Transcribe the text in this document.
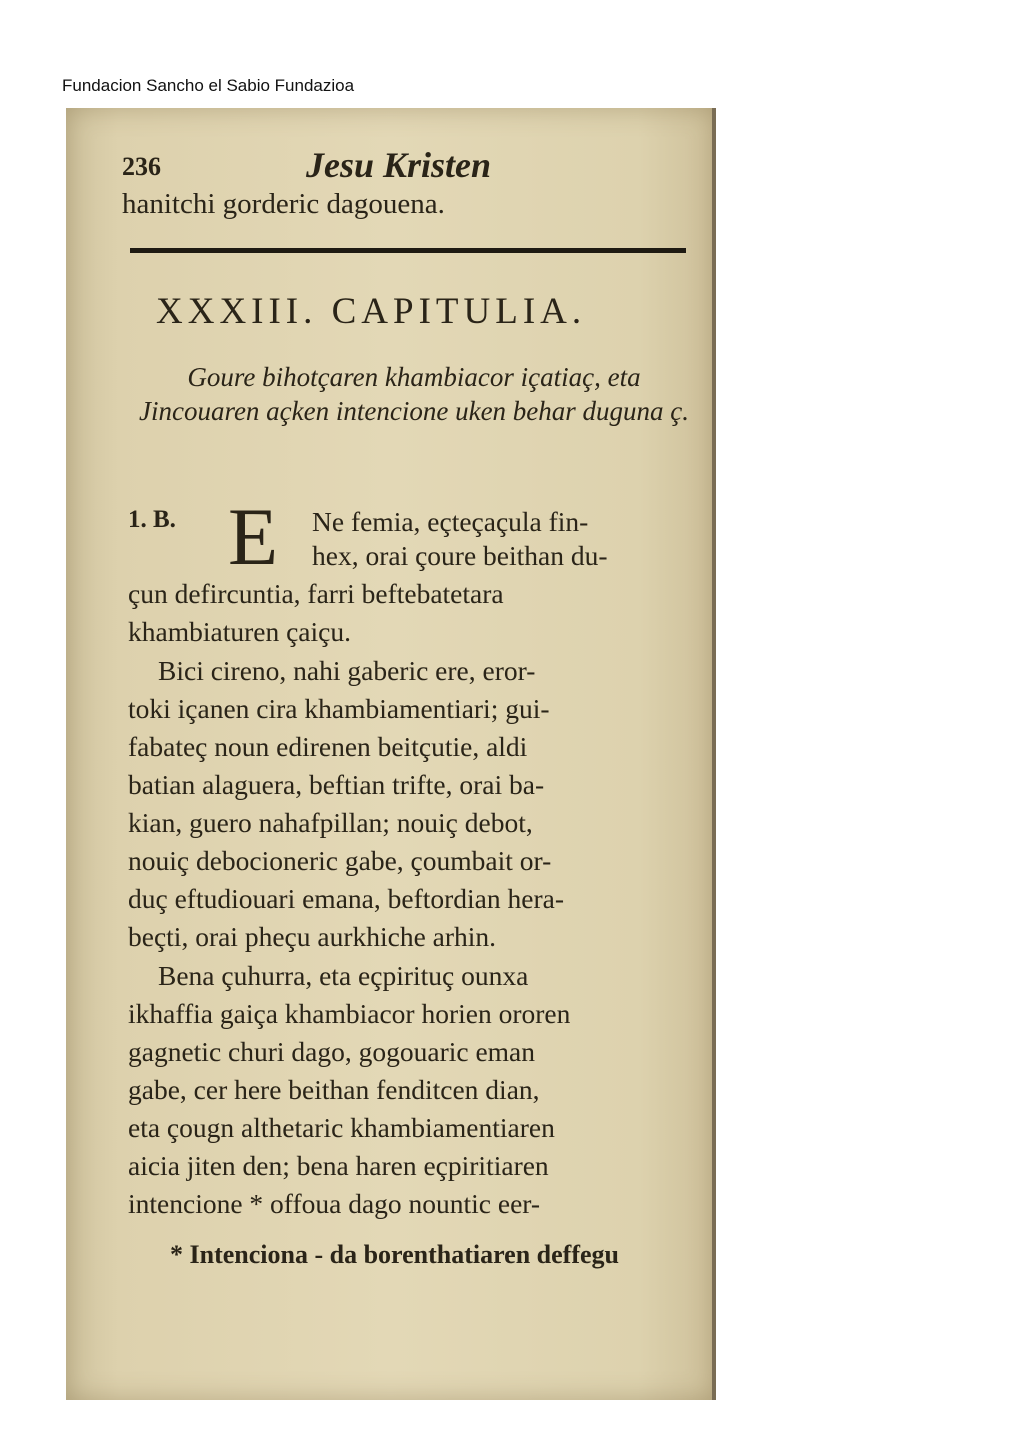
Fundacion Sancho el Sabio Fundazioa
236	Jesu Kristen
hanitchi gorderic dagouena.
XXXIII. CAPITULIA.
Goure bihotçaren khambiacor içatiaç, eta Jincouaren açken intencione uken behar duguna ç.
1. B. E Ne femia, eçteçaçula fin-
hex, orai çoure beithan du-
çun defircuntia, farri beftebatetara
khambiaturen çaiçu.
Bici cireno, nahi gaberic ere, eror-
toki içanen cira khambiamentiari; gui-
fabateç noun edirenen beitçutie, aldi
batian alaguera, beftian trifte, orai ba-
kian, guero nahafpillan; nouiç debot,
nouiç debocioneric gabe, çoumbait or-
duç eftudiouari emana, beftordian hera-
beçti, orai pheçu aurkhiche arhin.
Bena çuhurra, eta eçpirituç ounxa
ikhaffia gaiça khambiacor horien ororen
gagnetic churi dago, gogouaric eman
gabe, cer here beithan fenditcen dian,
eta çougn althetaric khambiamentiaren
aicia jiten den; bena haren eçpiritiaren
intencione * offoua dago nountic eer-
* Intenciona - da borenthatiaren deffegu
